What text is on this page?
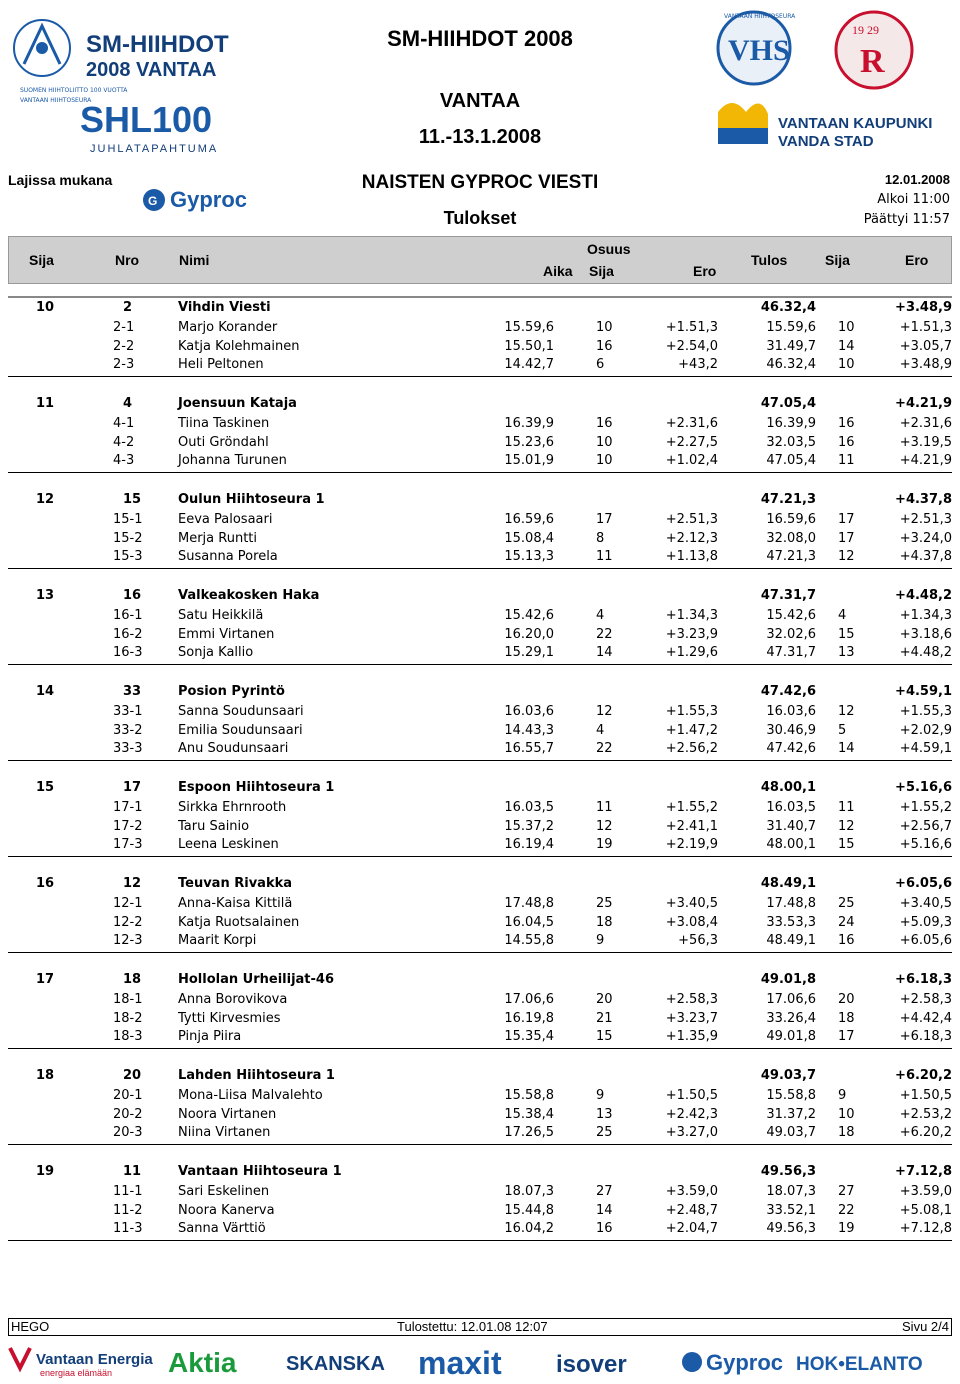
SUOMEN HIIHTOLIITTO 100 VUOTTA
SM-HIIHDOT
2008 VANTAA
SHL 100
JUHLATAPAHTUMA
VANTAAN HIIHTOSEURA
SM-HIIHDOT 2008
VANTAA
11.-13.1.2008
VHS
VANTAAN HIIHTOSEURA
19 29
R
VANTAAN KAUPUNKI
VANDA STAD
Lajissa mukana
G Gyproc
NAISTEN GYPROC VIESTI
Tulokset
12.01.2008
Alkoi 11:00
Päättyi 11:57
Sija	Nro	Nimi
Osuus
Aika Sija	Ero
Tulos	Sija	Ero
10	2	Vihdin Viesti	46.32,4	+3.48,9
2-1	Marjo Korander	15.59,6	10	+1.51,3	15.59,6 10	+1.51,3
2-2	Katja Kolehmainen	15.50,1	16	+2.54,0	31.49,7 14	+3.05,7
2-3	Heli Peltonen	14.42,7	6	+43,2	46.32,4 10	+3.48,9
11	4	Joensuun Kataja	47.05,4	+4.21,9
4-1	Tiina Taskinen	16.39,9	16	+2.31,6	16.39,9 16	+2.31,6
4-2	Outi Gröndahl	15.23,6	10	+2.27,5	32.03,5 16	+3.19,5
4-3	Johanna Turunen	15.01,9	10	+1.02,4	47.05,4 11	+4.21,9
12	15	Oulun Hiihtoseura 1	47.21,3	+4.37,8
15-1	Eeva Palosaari	16.59,6	17	+2.51,3	16.59,6 17	+2.51,3
15-2	Merja Runtti	15.08,4	8	+2.12,3	32.08,0 17	+3.24,0
15-3	Susanna Porela	15.13,3	11	+1.13,8	47.21,3 12	+4.37,8
13	16	Valkeakosken Haka	47.31,7	+4.48,2
16-1	Satu Heikkilä	15.42,6	4	+1.34,3	15.42,6 4	+1.34,3
16-2	Emmi Virtanen	16.20,0	22	+3.23,9	32.02,6 15	+3.18,6
16-3	Sonja Kallio	15.29,1	14	+1.29,6	47.31,7 13	+4.48,2
14	33	Posion Pyrintö	47.42,6	+4.59,1
33-1	Sanna Soudunsaari	16.03,6	12	+1.55,3	16.03,6 12	+1.55,3
33-2	Emilia Soudunsaari	14.43,3	4	+1.47,2	30.46,9 5	+2.02,9
33-3	Anu Soudunsaari	16.55,7	22	+2.56,2	47.42,6 14	+4.59,1
15	17	Espoon Hiihtoseura 1	48.00,1	+5.16,6
17-1	Sirkka Ehrnrooth	16.03,5	11	+1.55,2	16.03,5 11	+1.55,2
17-2	Taru Sainio	15.37,2	12	+2.41,1	31.40,7 12	+2.56,7
17-3	Leena Leskinen	16.19,4	19	+2.19,9	48.00,1 15	+5.16,6
16	12	Teuvan Rivakka	48.49,1	+6.05,6
12-1	Anna-Kaisa Kittilä	17.48,8	25	+3.40,5	17.48,8 25	+3.40,5
12-2	Katja Ruotsalainen	16.04,5	18	+3.08,4	33.53,3 24	+5.09,3
12-3	Maarit Korpi	14.55,8	9	+56,3	48.49,1 16	+6.05,6
17	18	Hollolan Urheilijat-46	49.01,8	+6.18,3
18-1	Anna Borovikova	17.06,6	20	+2.58,3	17.06,6 20	+2.58,3
18-2	Tytti Kirvesmies	16.19,8	21	+3.23,7	33.26,4 18	+4.42,4
18-3	Pinja Piira	15.35,4	15	+1.35,9	49.01,8 17	+6.18,3
18	20	Lahden Hiihtoseura 1	49.03,7	+6.20,2
20-1	Mona-Liisa Malvalehto	15.58,8	9	+1.50,5	15.58,8 9	+1.50,5
20-2	Noora Virtanen	15.38,4	13	+2.42,3	31.37,2 10	+2.53,2
20-3	Niina Virtanen	17.26,5	25	+3.27,0	49.03,7 18	+6.20,2
19	11	Vantaan Hiihtoseura 1	49.56,3	+7.12,8
11-1	Sari Eskelinen	18.07,3	27	+3.59,0	18.07,3 27	+3.59,0
11-2	Noora Kanerva	15.44,8	14	+2.48,7	33.52,1 22	+5.08,1
11-3	Sanna Värttiö	16.04,2	16	+2.04,7	49.56,3 19	+7.12,8
HEGO	Tulostettu: 12.01.08 12:07	Sivu 2/4
Vantaan Energia
energiaa elämään Aktia SKANSKA maxit isover	Gyproc HOK•ELANTO
